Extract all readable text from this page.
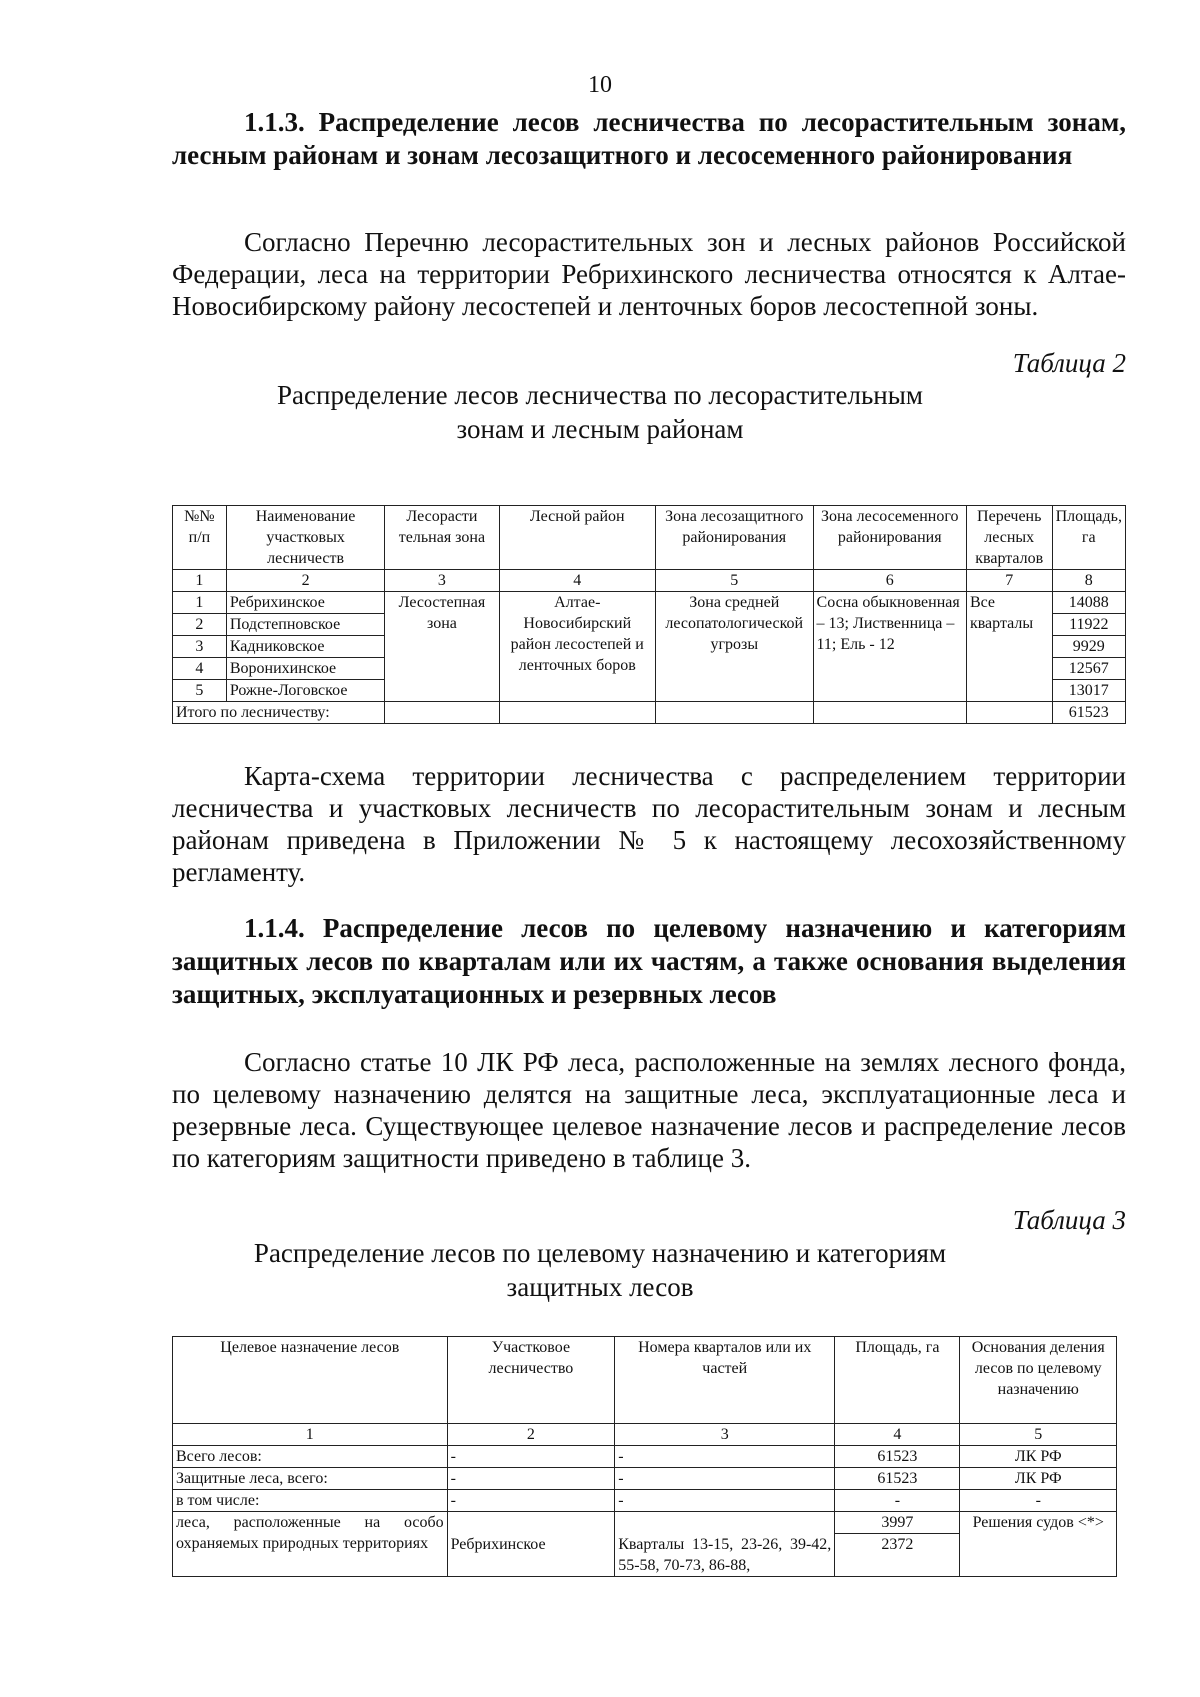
10

1.1.3. Распределение лесов лесничества по лесорастительным зонам, лесным районам и зонам лесозащитного и лесосеменного районирования

Согласно Перечню лесорастительных зон и лесных районов Российской Федерации, леса на территории Ребрихинского лесничества относятся к Алтае-Новосибирскому району лесостепей и ленточных боров лесостепной зоны.

Таблица 2

Распределение лесов лесничества по лесорастительным
зонам и лесным районам

№№ п/п	Наименование участковых лесничеств	Лесорасти тельная зона	Лесной район	Зона лесозащитного районирования	Зона лесосеменного районирования	Перечень лесных кварталов	Площадь, га
1	2	3	4	5	6	7	8
1	Ребрихинское	Лесостепная зона	Алтае-Новосибирский район лесостепей и ленточных боров	Зона средней лесопатологической угрозы	Сосна обыкновенная – 13; Лиственница – 11; Ель - 12	Все кварталы	14088
2	Подстепновское						11922
3	Кадниковское						9929
4	Воронихинское						12567
5	Рожне-Логовское						13017
Итого по лесничеству:							61523

Карта-схема территории лесничества с распределением территории лесничества и участковых лесничеств по лесорастительным зонам и лесным районам приведена в Приложении № 5 к настоящему лесохозяйственному регламенту.

1.1.4. Распределение лесов по целевому назначению и категориям защитных лесов по кварталам или их частям, а также основания выделения защитных, эксплуатационных и резервных лесов

Согласно статье 10 ЛК РФ леса, расположенные на землях лесного фонда, по целевому назначению делятся на защитные леса, эксплуатационные леса и резервные леса. Существующее целевое назначение лесов и распределение лесов по категориям защитности приведено в таблице 3.

Таблица 3

Распределение лесов по целевому назначению и категориям
защитных лесов

Целевое назначение лесов	Участковое лесничество	Номера кварталов или их частей	Площадь, га	Основания деления лесов по целевому назначению
1	2	3	4	5
Всего лесов:	-	-	61523	ЛК РФ
Защитные леса, всего:	-	-	61523	ЛК РФ
в том числе:	-	-	-	-
леса, расположенные на особо охраняемых природных территориях			3997	Решения судов <*>
	Ребрихинское	Кварталы 13-15, 23-26, 39-42, 55-58, 70-73, 86-88,	2372	
